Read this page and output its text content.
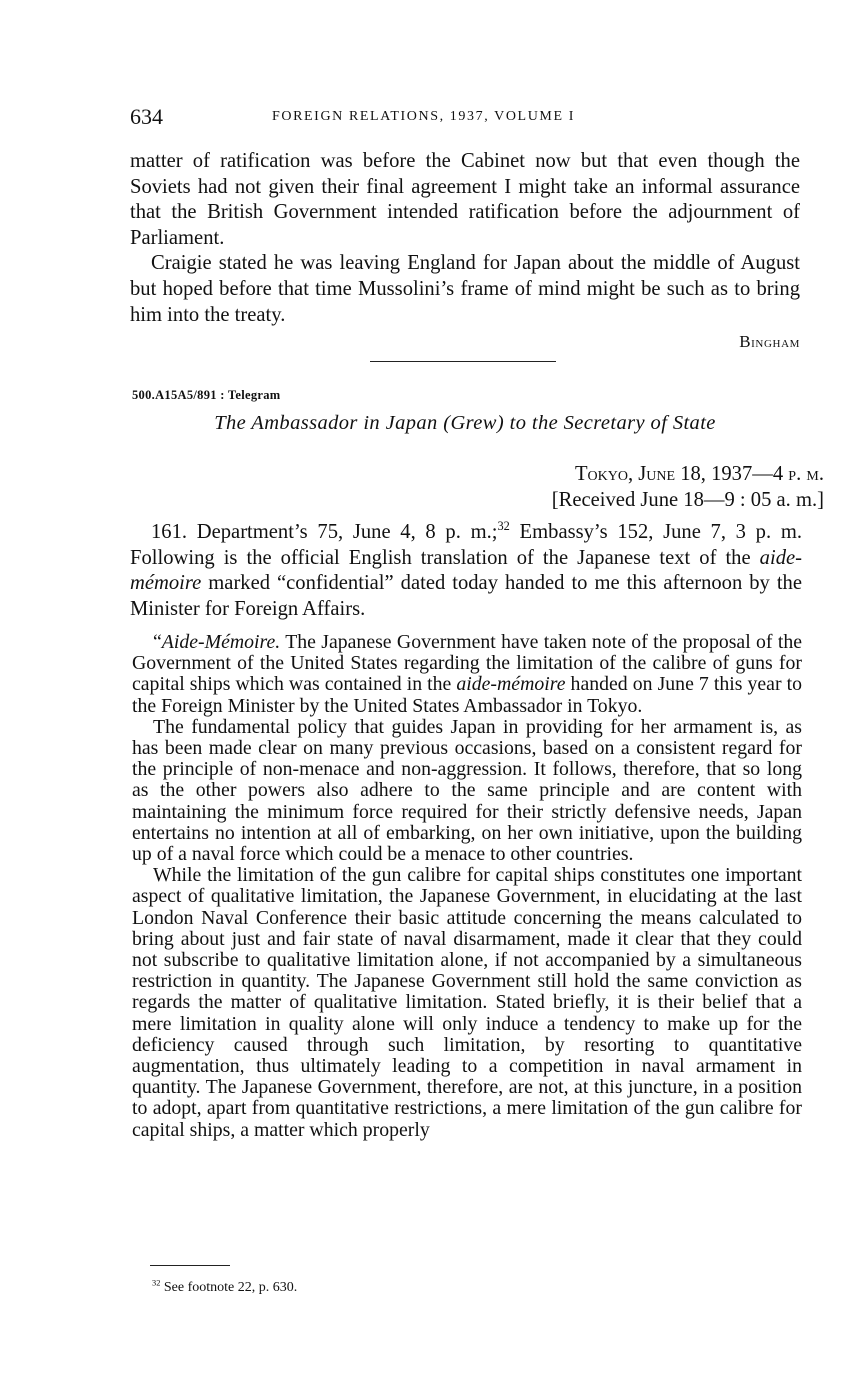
634	FOREIGN RELATIONS, 1937, VOLUME I

matter of ratification was before the Cabinet now but that even though the Soviets had not given their final agreement I might take an informal assurance that the British Government intended ratification before the adjournment of Parliament.

Craigie stated he was leaving England for Japan about the middle of August but hoped before that time Mussolini’s frame of mind might be such as to bring him into the treaty.

Bingham
500.A15A5/891 : Telegram
The Ambassador in Japan (Grew) to the Secretary of State
Tokyo, June 18, 1937—4 p. m.
[Received June 18—9 : 05 a. m.]

161. Department’s 75, June 4, 8 p. m.;$^{32}$ Embassy’s 152, June 7, 3 p. m. Following is the official English translation of the Japanese text of the aide-mémoire marked “confidential” dated today handed to me this afternoon by the Minister for Foreign Affairs.

“Aide-Mémoire. The Japanese Government have taken note of the proposal of the Government of the United States regarding the limitation of the calibre of guns for capital ships which was contained in the aide-mémoire handed on June 7 this year to the Foreign Minister by the United States Ambassador in Tokyo.

The fundamental policy that guides Japan in providing for her armament is, as has been made clear on many previous occasions, based on a consistent regard for the principle of non-menace and non-aggression. It follows, therefore, that so long as the other powers also adhere to the same principle and are content with maintaining the minimum force required for their strictly defensive needs, Japan entertains no intention at all of embarking, on her own initiative, upon the building up of a naval force which could be a menace to other countries.

While the limitation of the gun calibre for capital ships constitutes one important aspect of qualitative limitation, the Japanese Government, in elucidating at the last London Naval Conference their basic attitude concerning the means calculated to bring about just and fair state of naval disarmament, made it clear that they could not subscribe to qualitative limitation alone, if not accompanied by a simultaneous restriction in quantity. The Japanese Government still hold the same conviction as regards the matter of qualitative limitation. Stated briefly, it is their belief that a mere limitation in quality alone will only induce a tendency to make up for the deficiency caused through such limitation, by resorting to quantitative augmentation, thus ultimately leading to a competition in naval armament in quantity. The Japanese Government, therefore, are not, at this juncture, in a position to adopt, apart from quantitative restrictions, a mere limitation of the gun calibre for capital ships, a matter which properly

$^{32}$ See footnote 22, p. 630.
